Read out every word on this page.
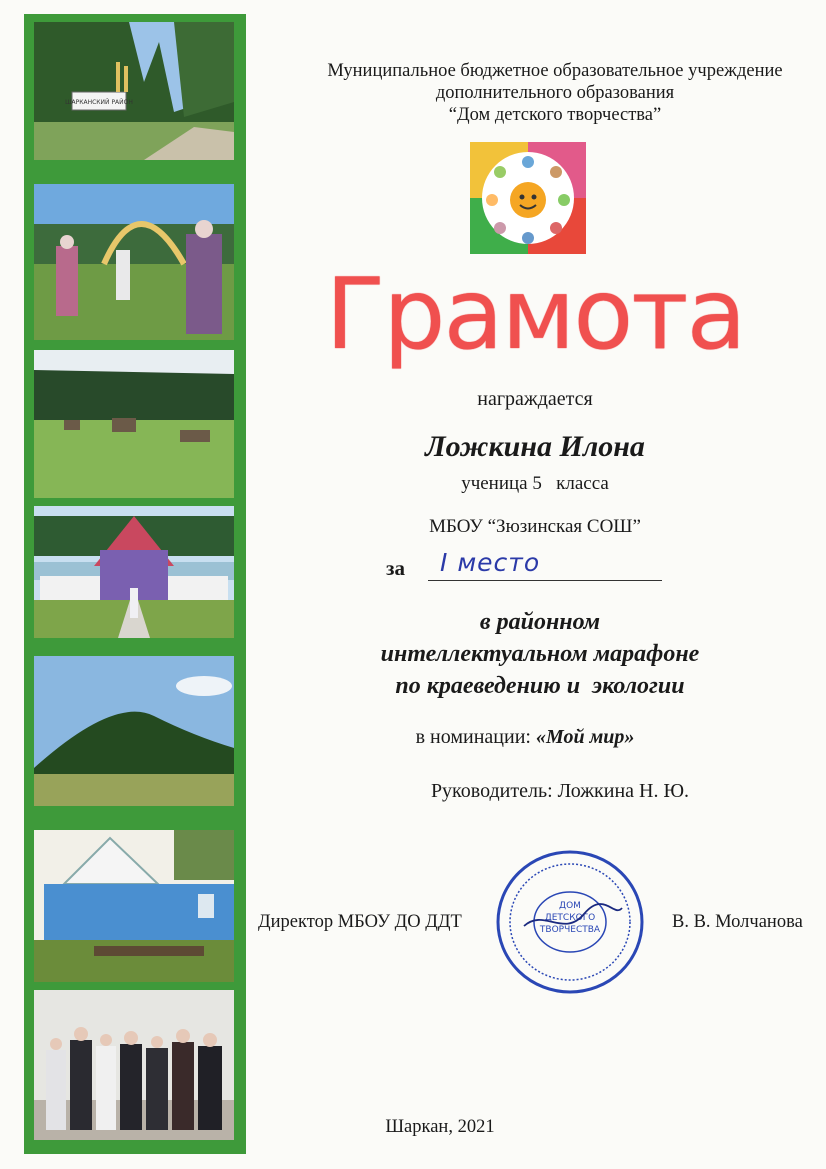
ШАРКАНСКИЙ РАЙОН
Муниципальное бюджетное образовательное учреждение
дополнительного образования
“Дом детского творчества”
Грамота
награждается
Ложкина Илона
ученица 5   класса
МБОУ “Зюзинская СОШ”
за I место
в районном
интеллектуальном марафоне
по краеведению и  экологии
в номинации: «Мой мир»
Руководитель: Ложкина Н. Ю.
Директор МБОУ ДО ДДТ	В. В. Молчанова
ДОМ
ДЕТСКОГО
ТВОРЧЕСТВА
Шаркан, 2021
